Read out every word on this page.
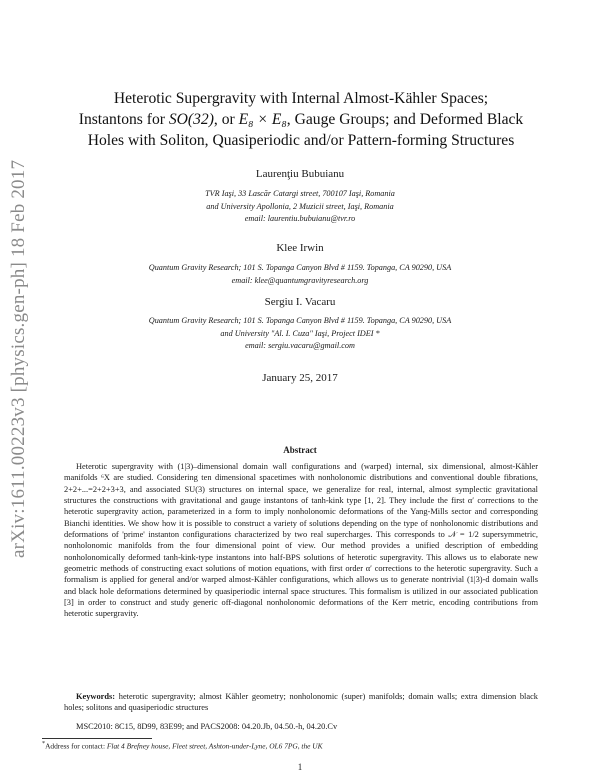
arXiv:1611.00223v3 [physics.gen-ph] 18 Feb 2017
Heterotic Supergravity with Internal Almost-Kähler Spaces;
Instantons for SO(32), or E₈ × E₈, Gauge Groups; and Deformed Black
Holes with Soliton, Quasiperiodic and/or Pattern-forming Structures
Laurenţiu Bubuianu
TVR Iaşi, 33 Lascăr Catargi street, 700107 Iaşi, Romania
and University Apollonia, 2 Muzicii street, Iaşi, Romania
email: laurentiu.bubuianu@tvr.ro
Klee Irwin
Quantum Gravity Research; 101 S. Topanga Canyon Blvd # 1159. Topanga, CA 90290, USA
email: klee@quantumgravityresearch.org
Sergiu I. Vacaru
Quantum Gravity Research; 101 S. Topanga Canyon Blvd # 1159. Topanga, CA 90290, USA
and University "Al. I. Cuza" Iaşi, Project IDEI *
email: sergiu.vacaru@gmail.com
January 25, 2017
Abstract

Heterotic supergravity with (1|3)–dimensional domain wall configurations and (warped) internal, six dimensional, almost-Kähler manifolds ⁶X are studied. Considering ten dimensional spacetimes with nonholonomic distributions and conventional double fibrations, 2+2+...=2+2+3+3, and associated SU(3) structures on internal space, we generalize for real, internal, almost symplectic gravitational structures the constructions with gravitational and gauge instantons of tanh-kink type [1, 2]. They include the first α′ corrections to the heterotic supergravity action, parameterized in a form to imply nonholonomic deformations of the Yang-Mills sector and corresponding Bianchi identities. We show how it is possible to construct a variety of solutions depending on the type of nonholonomic distributions and deformations of 'prime' instanton configurations characterized by two real supercharges. This corresponds to 𝒩 = 1/2 supersymmetric, nonholonomic manifolds from the four dimensional point of view. Our method provides a unified description of embedding nonholonomically deformed tanh-kink-type instantons into half-BPS solutions of heterotic supergravity. This allows us to elaborate new geometric methods of constructing exact solutions of motion equations, with first order α′ corrections to the heterotic supergravity. Such a formalism is applied for general and/or warped almost-Kähler configurations, which allows us to generate nontrivial (1|3)-d domain walls and black hole deformations determined by quasiperiodic internal space structures. This formalism is utilized in our associated publication [3] in order to construct and study generic off-diagonal nonholonomic deformations of the Kerr metric, encoding contributions from heterotic supergravity.

Keywords: heterotic supergravity; almost Kähler geometry; nonholonomic (super) manifolds; domain walls; extra dimension black holes; solitons and quasiperiodic structures

MSC2010: 8C15, 8D99, 83E99; and PACS2008: 04.20.Jb, 04.50.-h, 04.20.Cv
*Address for contact: Flat 4 Brefney house, Fleet street, Ashton-under-Lyne, OL6 7PG, the UK
1
